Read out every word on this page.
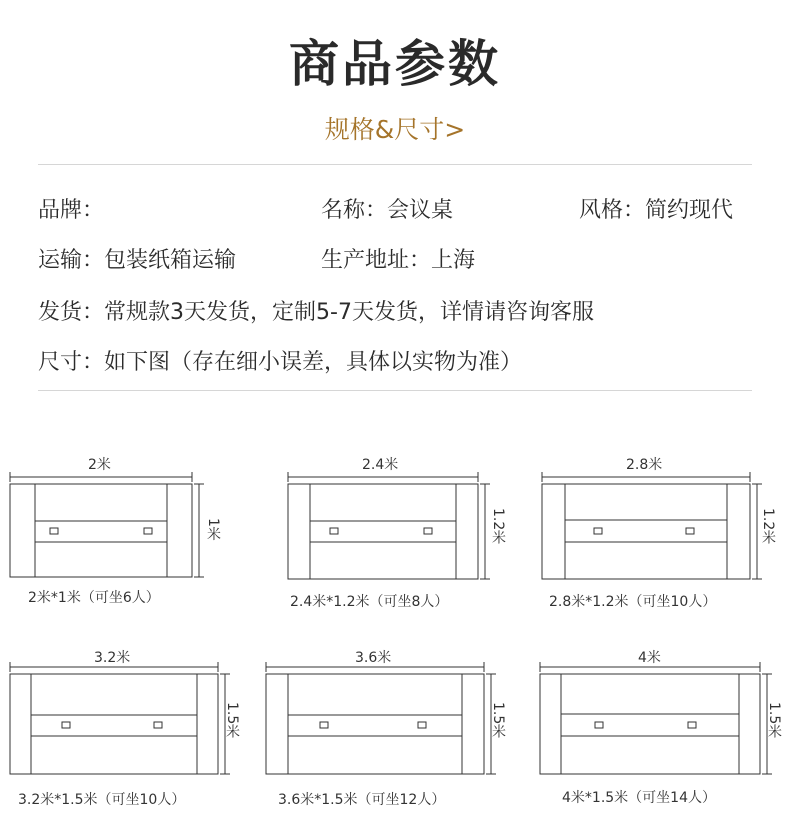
商品参数
规格&尺寸>
品牌：	名称：会议桌	风格：简约现代
运输：包装纸箱运输	生产地址：上海
发货：常规款3天发货，定制5-7天发货，详情请咨询客服
尺寸：如下图（存在细小误差，具体以实物为准）
2米
1米
2米*1米（可坐6人）
2.4米
1.2米
2.4米*1.2米（可坐8人）
2.8米
1.2米
2.8米*1.2米（可坐10人）
3.2米
1.5米
3.2米*1.5米（可坐10人）
3.6米
1.5米
3.6米*1.5米（可坐12人）
4米
1.5米
4米*1.5米（可坐14人）
